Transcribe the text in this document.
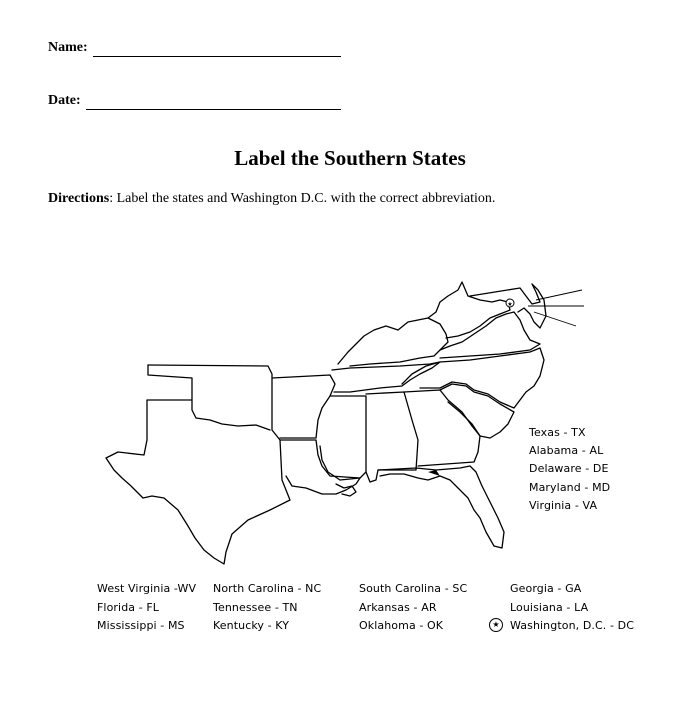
Name:
Date:
Label the Southern States
Directions: Label the states and Washington D.C. with the correct abbreviation.
★
Texas - TX
Alabama - AL
Delaware - DE
Maryland - MD
Virginia - VA
West Virginia -WV
Florida - FL
Mississippi - MS
North Carolina - NC
Tennessee - TN
Kentucky - KY
South Carolina - SC
Arkansas - AR
Oklahoma - OK
Georgia - GA
Louisiana - LA
★ Washington, D.C. - DC
